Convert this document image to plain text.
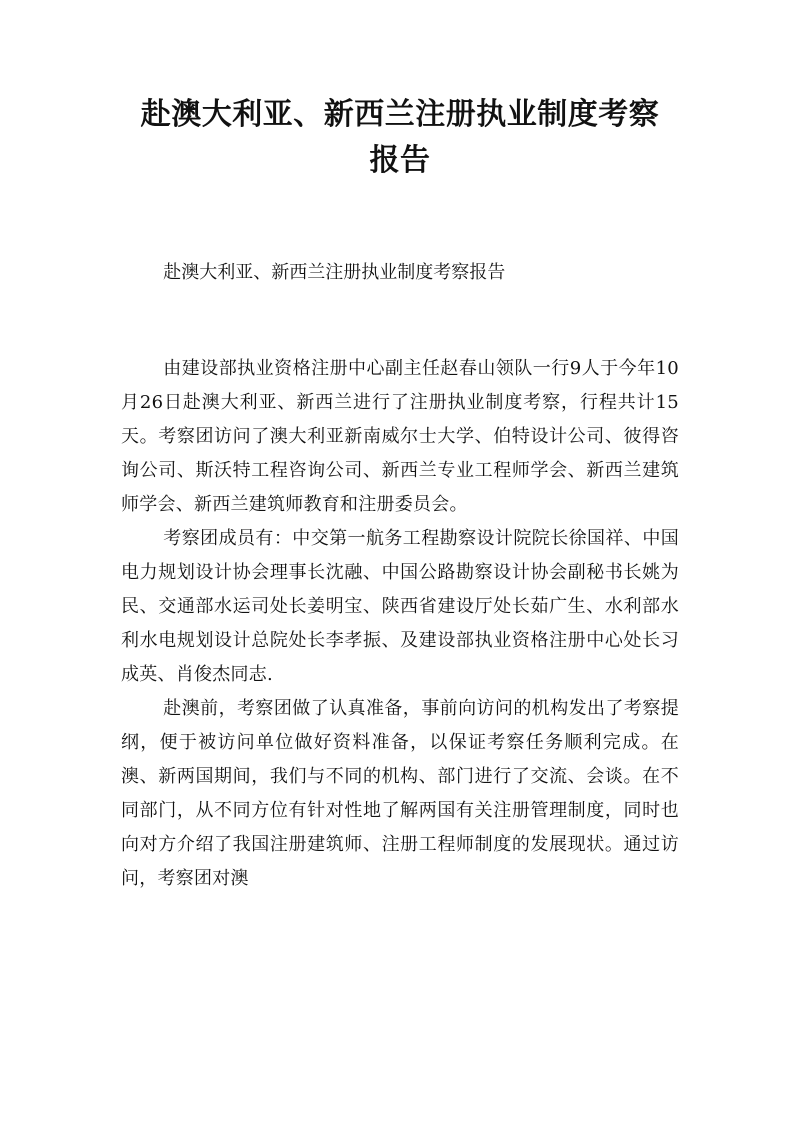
赴澳大利亚、新西兰注册执业制度考察
报告

赴澳大利亚、新西兰注册执业制度考察报告

由建设部执业资格注册中心副主任赵春山领队一行9人于今年10月26日赴澳大利亚、新西兰进行了注册执业制度考察，行程共计15天。考察团访问了澳大利亚新南威尔士大学、伯特设计公司、彼得咨询公司、斯沃特工程咨询公司、新西兰专业工程师学会、新西兰建筑师学会、新西兰建筑师教育和注册委员会。

考察团成员有：中交第一航务工程勘察设计院院长徐国祥、中国电力规划设计协会理事长沈融、中国公路勘察设计协会副秘书长姚为民、交通部水运司处长姜明宝、陕西省建设厅处长茹广生、水利部水利水电规划设计总院处长李孝振、及建设部执业资格注册中心处长习成英、肖俊杰同志.

赴澳前，考察团做了认真准备，事前向访问的机构发出了考察提纲，便于被访问单位做好资料准备，以保证考察任务顺利完成。在澳、新两国期间，我们与不同的机构、部门进行了交流、会谈。在不同部门，从不同方位有针对性地了解两国有关注册管理制度，同时也向对方介绍了我国注册建筑师、注册工程师制度的发展现状。通过访问，考察团对澳
